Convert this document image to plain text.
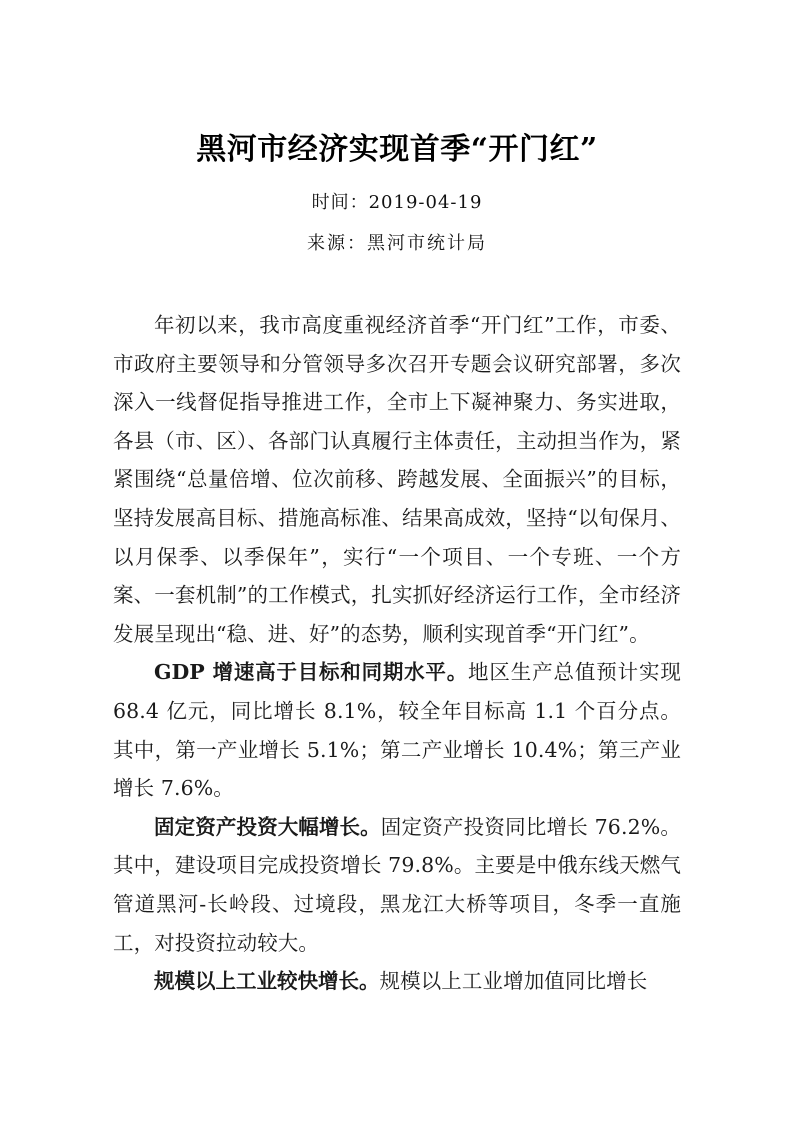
黑河市经济实现首季“开门红”

时间：2019-04-19

来源：黑河市统计局

年初以来，我市高度重视经济首季“开门红”工作，市委、市政府主要领导和分管领导多次召开专题会议研究部署，多次深入一线督促指导推进工作，全市上下凝神聚力、务实进取，各县（市、区）、各部门认真履行主体责任，主动担当作为，紧紧围绕“总量倍增、位次前移、跨越发展、全面振兴”的目标，坚持发展高目标、措施高标准、结果高成效，坚持“以旬保月、以月保季、以季保年”，实行“一个项目、一个专班、一个方案、一套机制”的工作模式，扎实抓好经济运行工作，全市经济发展呈现出“稳、进、好”的态势，顺利实现首季“开门红”。

GDP 增速高于目标和同期水平。地区生产总值预计实现 68.4 亿元，同比增长 8.1%，较全年目标高 1.1 个百分点。其中，第一产业增长 5.1%；第二产业增长 10.4%；第三产业增长 7.6%。

固定资产投资大幅增长。固定资产投资同比增长 76.2%。其中，建设项目完成投资增长 79.8%。主要是中俄东线天燃气管道黑河-长岭段、过境段，黑龙江大桥等项目，冬季一直施工，对投资拉动较大。

规模以上工业较快增长。规模以上工业增加值同比增长
